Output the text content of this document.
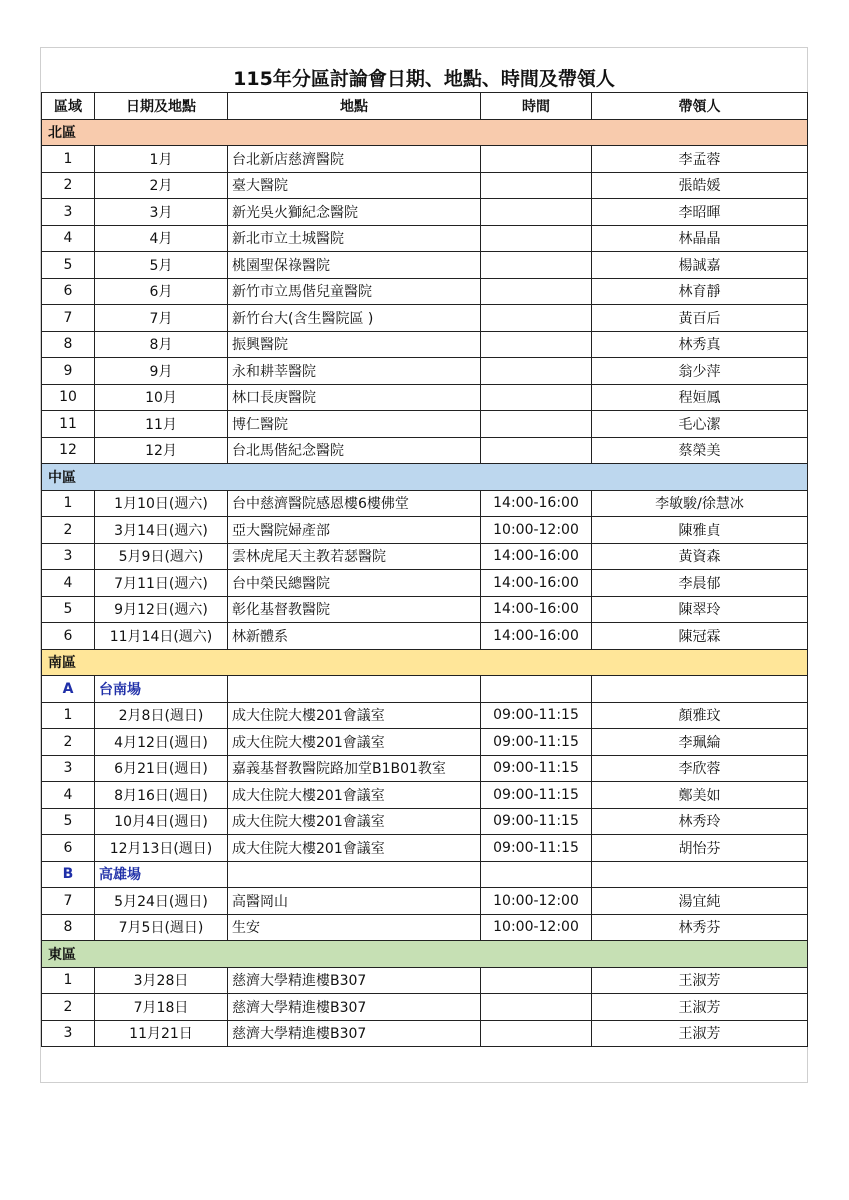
115年分區討論會日期、地點、時間及帶領人
區域	日期及地點	地點	時間	帶領人
北區				
1	1月	台北新店慈濟醫院		李孟蓉
2	2月	臺大醫院		張皓媛
3	3月	新光吳火獅紀念醫院		李昭暉
4	4月	新北市立土城醫院		林晶晶
5	5月	桃園聖保祿醫院		楊誠嘉
6	6月	新竹市立馬偕兒童醫院		林育靜
7	7月	新竹台大(含生醫院區 )		黃百后
8	8月	振興醫院		林秀真
9	9月	永和耕莘醫院		翁少萍
10	10月	林口長庚醫院		程姮鳳
11	11月	博仁醫院		毛心潔
12	12月	台北馬偕紀念醫院		蔡榮美
中區				
1	1月10日(週六)	台中慈濟醫院感恩樓6樓佛堂	14:00-16:00	李敏駿/徐慧冰
2	3月14日(週六)	亞大醫院婦產部	10:00-12:00	陳雅貞
3	5月9日(週六)	雲林虎尾天主教若瑟醫院	14:00-16:00	黃資森
4	7月11日(週六)	台中榮民總醫院	14:00-16:00	李晨郁
5	9月12日(週六)	彰化基督教醫院	14:00-16:00	陳翠玲
6	11月14日(週六)	林新體系	14:00-16:00	陳冠霖
南區				
A	台南場			
1	2月8日(週日)	成大住院大樓201會議室	09:00-11:15	顏雅玟
2	4月12日(週日)	成大住院大樓201會議室	09:00-11:15	李珮綸
3	6月21日(週日)	嘉義基督教醫院路加堂B1B01教室	09:00-11:15	李欣蓉
4	8月16日(週日)	成大住院大樓201會議室	09:00-11:15	鄭美如
5	10月4日(週日)	成大住院大樓201會議室	09:00-11:15	林秀玲
6	12月13日(週日)	成大住院大樓201會議室	09:00-11:15	胡怡芬
B	高雄場			
7	5月24日(週日)	高醫岡山	10:00-12:00	湯宜純
8	7月5日(週日)	生安	10:00-12:00	林秀芬
東區				
1	3月28日	慈濟大學精進樓B307		王淑芳
2	7月18日	慈濟大學精進樓B307		王淑芳
3	11月21日	慈濟大學精進樓B307		王淑芳
